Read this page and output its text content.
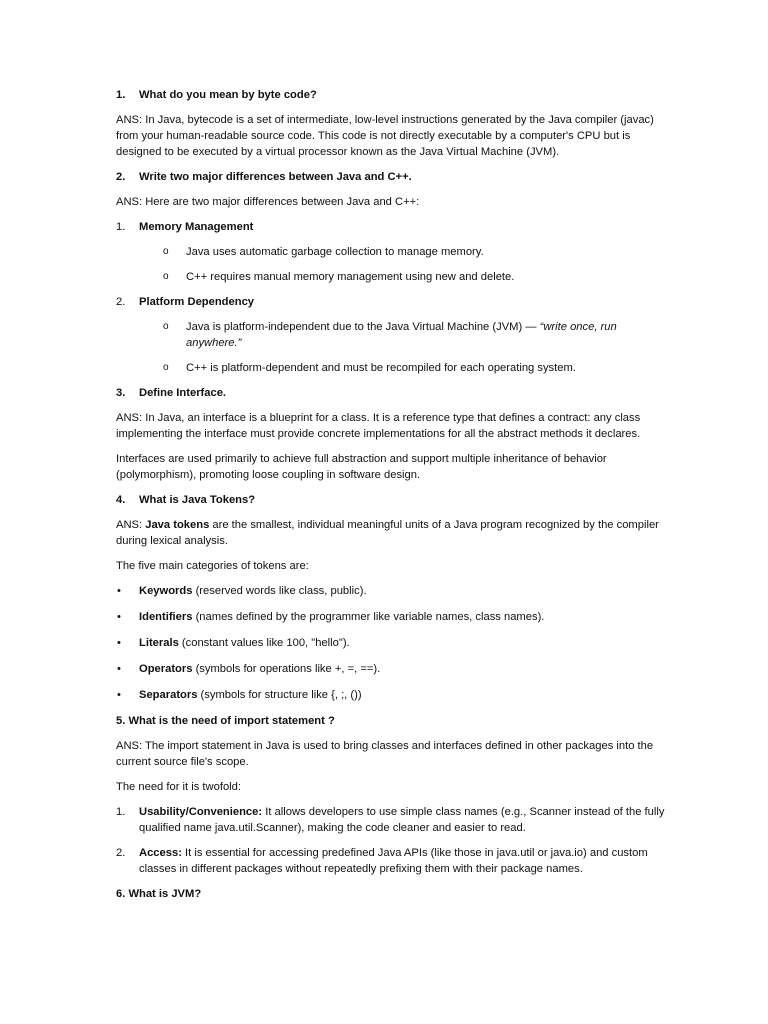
1. What do you mean by byte code?

ANS: In Java, bytecode is a set of intermediate, low-level instructions generated by the Java compiler (javac) from your human-readable source code. This code is not directly executable by a computer's CPU but is designed to be executed by a virtual processor known as the Java Virtual Machine (JVM).

2. Write two major differences between Java and C++.

ANS: Here are two major differences between Java and C++:

1. Memory Management
o Java uses automatic garbage collection to manage memory.
o C++ requires manual memory management using new and delete.
2. Platform Dependency
o Java is platform-independent due to the Java Virtual Machine (JVM) — “write once, run anywhere.”
o C++ is platform-dependent and must be recompiled for each operating system.
3. Define Interface.

ANS: In Java, an interface is a blueprint for a class. It is a reference type that defines a contract: any class implementing the interface must provide concrete implementations for all the abstract methods it declares.

Interfaces are used primarily to achieve full abstraction and support multiple inheritance of behavior (polymorphism), promoting loose coupling in software design.

4. What is Java Tokens?

ANS: Java tokens are the smallest, individual meaningful units of a Java program recognized by the compiler during lexical analysis.

The five main categories of tokens are:

• Keywords (reserved words like class, public).
• Identifiers (names defined by the programmer like variable names, class names).
• Literals (constant values like 100, "hello").
• Operators (symbols for operations like +, =, ==).
• Separators (symbols for structure like {, ;, ())
5. What is the need of import statement ?

ANS: The import statement in Java is used to bring classes and interfaces defined in other packages into the current source file's scope.

The need for it is twofold:

1. Usability/Convenience: It allows developers to use simple class names (e.g., Scanner instead of the fully qualified name java.util.Scanner), making the code cleaner and easier to read.
2. Access: It is essential for accessing predefined Java APIs (like those in java.util or java.io) and custom classes in different packages without repeatedly prefixing them with their package names.
6. What is JVM?
